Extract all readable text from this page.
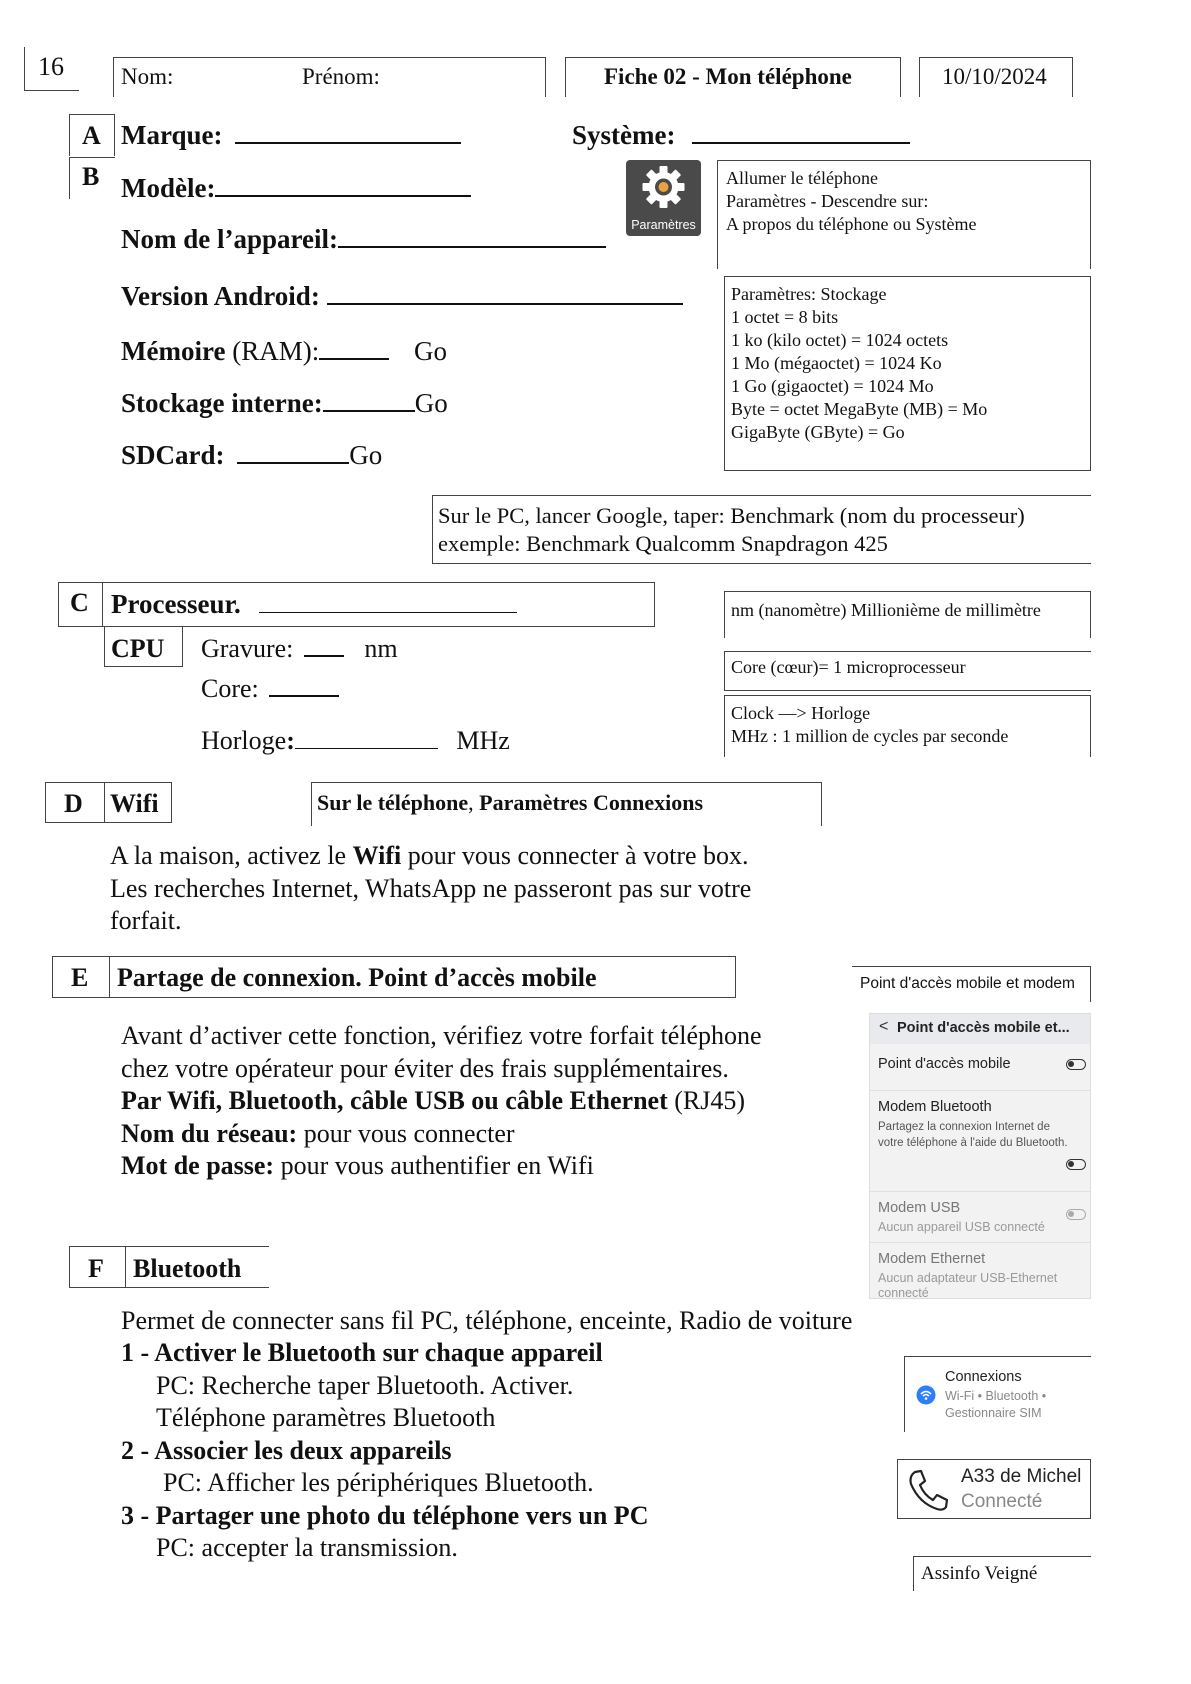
16 Nom:	Prénom:	Fiche 02 - Mon téléphone	10/10/2024
A
B
Marque:	Système:
Modèle:
Nom de l’appareil:
Version Android:
Mémoire (RAM):	Go
Stockage interne:	Go
SDCard:	Go
Paramètres
Allumer le téléphone
Paramètres - Descendre sur:
A propos du téléphone ou Système
Paramètres: Stockage
1 octet = 8 bits
1 ko (kilo octet) = 1024 octets
1 Mo (mégaoctet) = 1024 Ko
1 Go (gigaoctet) = 1024 Mo
Byte = octet MegaByte (MB) = Mo
GigaByte (GByte) = Go
Sur le PC, lancer Google, taper: Benchmark (nom du processeur)
exemple: Benchmark Qualcomm Snapdragon 425
C Processeur.
CPU Gravure:	nm
Core:
Horloge:	MHz
nm (nanomètre) Millionième de millimètre
Core (cœur)= 1 microprocesseur
Clock —> Horloge
MHz : 1 million de cycles par seconde
D Wifi	Sur le téléphone, Paramètres Connexions
A la maison, activez le Wifi pour vous connecter à votre box.
Les recherches Internet, WhatsApp ne passeront pas sur votre
forfait.
E Partage de connexion. Point d’accès mobile
Avant d’activer cette fonction, vérifiez votre forfait téléphone
chez votre opérateur pour éviter des frais supplémentaires.
Par Wifi, Bluetooth, câble USB ou câble Ethernet (RJ45)
Nom du réseau: pour vous connecter
Mot de passe: pour vous authentifier en Wifi
Point d'accès mobile et modem
< Point d'accès mobile et...
Point d'accès mobile
Modem Bluetooth
Partagez la connexion Internet de
votre téléphone à l'aide du Bluetooth.
Modem USB
Aucun appareil USB connecté
Modem Ethernet
Aucun adaptateur USB-Ethernet
connecté
F Bluetooth
Permet de connecter sans fil PC, téléphone, enceinte, Radio de voiture
1 - Activer le Bluetooth sur chaque appareil
PC: Recherche taper Bluetooth. Activer.
Téléphone paramètres Bluetooth
2 - Associer les deux appareils
PC: Afficher les périphériques Bluetooth.
3 - Partager une photo du téléphone vers un PC
PC: accepter la transmission.
Connexions
Wi-Fi • Bluetooth •
Gestionnaire SIM
A33 de Michel
Connecté
Assinfo Veigné
